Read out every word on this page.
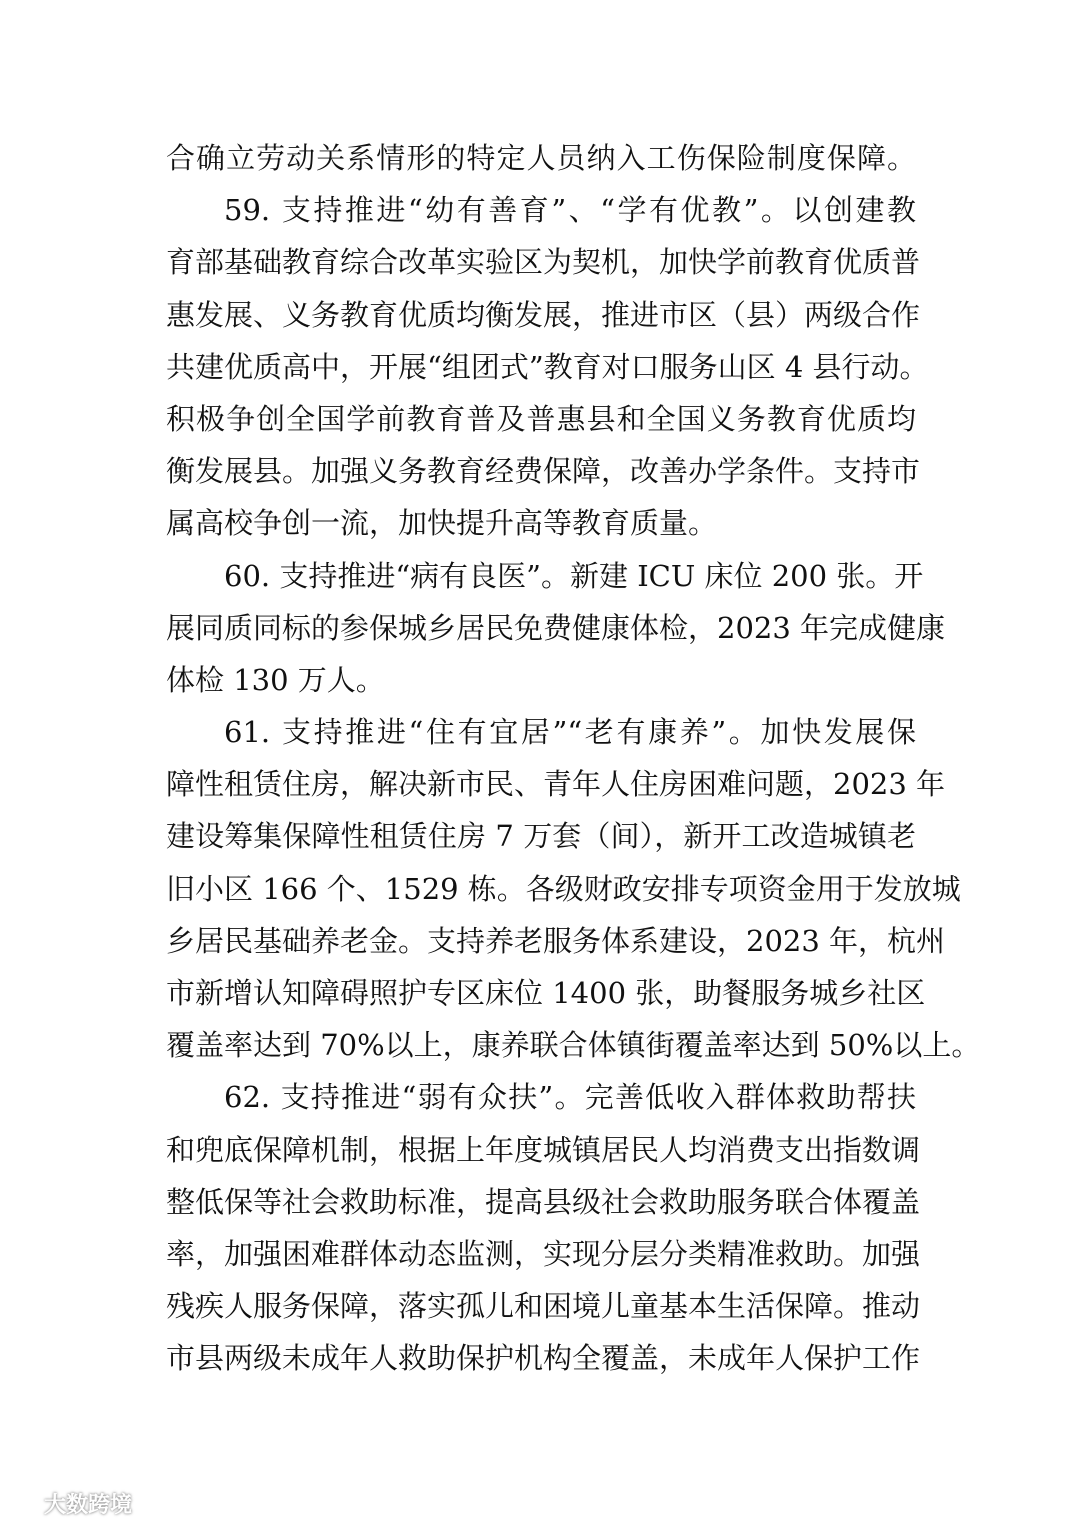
合确立劳动关系情形的特定人员纳入工伤保险制度保障。
59. 支持推进“幼有善育”、“学有优教”。以创建教
育部基础教育综合改革实验区为契机，加快学前教育优质普
惠发展、义务教育优质均衡发展，推进市区（县）两级合作
共建优质高中，开展“组团式”教育对口服务山区 4 县行动。
积极争创全国学前教育普及普惠县和全国义务教育优质均
衡发展县。加强义务教育经费保障，改善办学条件。支持市
属高校争创一流，加快提升高等教育质量。
60. 支持推进“病有良医”。新建 ICU 床位 200 张。开
展同质同标的参保城乡居民免费健康体检，2023 年完成健康
体检 130 万人。
61. 支持推进“住有宜居”“老有康养”。加快发展保
障性租赁住房，解决新市民、青年人住房困难问题，2023 年
建设筹集保障性租赁住房 7 万套（间），新开工改造城镇老
旧小区 166 个、1529 栋。各级财政安排专项资金用于发放城
乡居民基础养老金。支持养老服务体系建设，2023 年，杭州
市新增认知障碍照护专区床位 1400 张，助餐服务城乡社区
覆盖率达到 70%以上，康养联合体镇街覆盖率达到 50%以上。
62. 支持推进“弱有众扶”。完善低收入群体救助帮扶
和兜底保障机制，根据上年度城镇居民人均消费支出指数调
整低保等社会救助标准，提高县级社会救助服务联合体覆盖
率，加强困难群体动态监测，实现分层分类精准救助。加强
残疾人服务保障，落实孤儿和困境儿童基本生活保障。推动
市县两级未成年人救助保护机构全覆盖，未成年人保护工作
大数跨境
